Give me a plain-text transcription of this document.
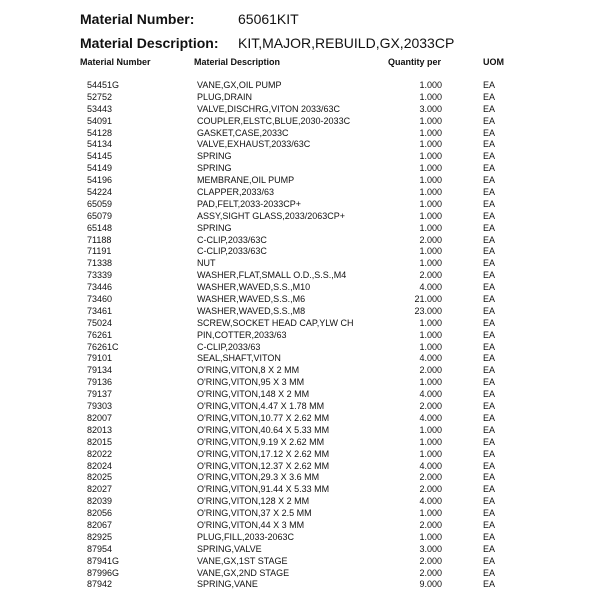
Material Number:	65061KIT
Material Description: KIT,MAJOR,REBUILD,GX,2033CP
Material Number	Material Description	Quantity per	UOM
54451G	VANE,GX,OIL PUMP	1.000	EA
52752	PLUG,DRAIN	1.000	EA
53443	VALVE,DISCHRG,VITON 2033/63C	3.000	EA
54091	COUPLER,ELSTC,BLUE,2030-2033C	1.000	EA
54128	GASKET,CASE,2033C	1.000	EA
54134	VALVE,EXHAUST,2033/63C	1.000	EA
54145	SPRING	1.000	EA
54149	SPRING	1.000	EA
54196	MEMBRANE,OIL PUMP	1.000	EA
54224	CLAPPER,2033/63	1.000	EA
65059	PAD,FELT,2033-2033CP+	1.000	EA
65079	ASSY,SIGHT GLASS,2033/2063CP+	1.000	EA
65148	SPRING	1.000	EA
71188	C-CLIP,2033/63C	2.000	EA
71191	C-CLIP,2033/63C	1.000	EA
71338	NUT	1.000	EA
73339	WASHER,FLAT,SMALL O.D.,S.S.,M4	2.000	EA
73446	WASHER,WAVED,S.S.,M10	4.000	EA
73460	WASHER,WAVED,S.S.,M6	21.000	EA
73461	WASHER,WAVED,S.S.,M8	23.000	EA
75024	SCREW,SOCKET HEAD CAP,YLW CH	1.000	EA
76261	PIN,COTTER,2033/63	1.000	EA
76261C	C-CLIP,2033/63	1.000	EA
79101	SEAL,SHAFT,VITON	4.000	EA
79134	O'RING,VITON,8 X 2 MM	2.000	EA
79136	O'RING,VITON,95 X 3 MM	1.000	EA
79137	O'RING,VITON,148 X 2 MM	4.000	EA
79303	O'RING,VITON,4.47 X 1.78 MM	2.000	EA
82007	O'RING,VITON,10.77 X 2.62 MM	4.000	EA
82013	O'RING,VITON,40.64 X 5.33 MM	1.000	EA
82015	O'RING,VITON,9.19 X 2.62 MM	1.000	EA
82022	O'RING,VITON,17.12 X 2.62 MM	1.000	EA
82024	O'RING,VITON,12.37 X 2.62 MM	4.000	EA
82025	O'RING,VITON,29.3 X 3.6 MM	2.000	EA
82027	O'RING,VITON,91.44 X 5.33 MM	2.000	EA
82039	O'RING,VITON,128 X 2 MM	4.000	EA
82056	O'RING,VITON,37 X 2.5 MM	1.000	EA
82067	O'RING,VITON,44 X 3 MM	2.000	EA
82925	PLUG,FILL,2033-2063C	1.000	EA
87954	SPRING,VALVE	3.000	EA
87941G	VANE,GX,1ST STAGE	2.000	EA
87996G	VANE,GX,2ND STAGE	2.000	EA
87942	SPRING,VANE	9.000	EA
